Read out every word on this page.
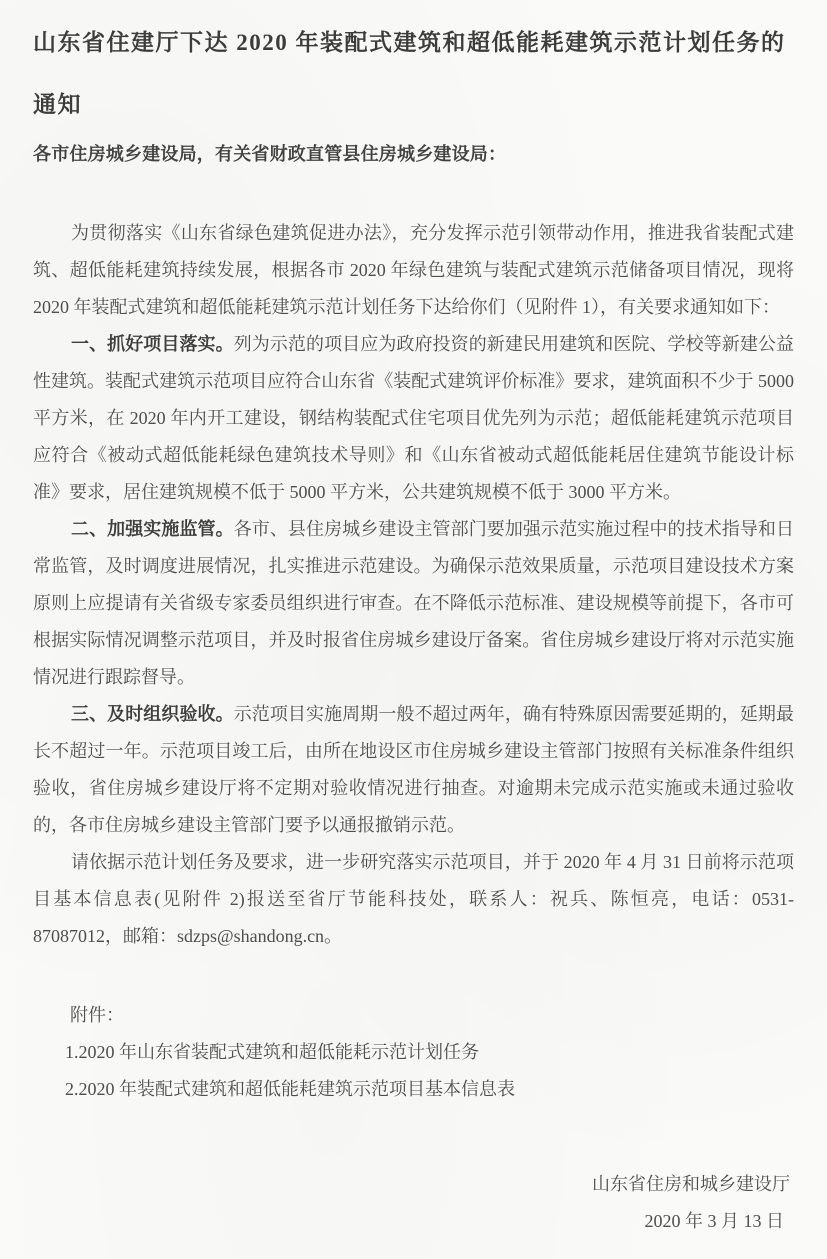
山东省住建厅下达 2020 年装配式建筑和超低能耗建筑示范计划任务的通知

各市住房城乡建设局，有关省财政直管县住房城乡建设局：

为贯彻落实《山东省绿色建筑促进办法》，充分发挥示范引领带动作用，推进我省装配式建筑、超低能耗建筑持续发展，根据各市 2020 年绿色建筑与装配式建筑示范储备项目情况，现将 2020 年装配式建筑和超低能耗建筑示范计划任务下达给你们（见附件 1），有关要求通知如下：

一、抓好项目落实。列为示范的项目应为政府投资的新建民用建筑和医院、学校等新建公益性建筑。装配式建筑示范项目应符合山东省《装配式建筑评价标准》要求，建筑面积不少于 5000 平方米，在 2020 年内开工建设，钢结构装配式住宅项目优先列为示范；超低能耗建筑示范项目应符合《被动式超低能耗绿色建筑技术导则》和《山东省被动式超低能耗居住建筑节能设计标准》要求，居住建筑规模不低于 5000 平方米，公共建筑规模不低于 3000 平方米。

二、加强实施监管。各市、县住房城乡建设主管部门要加强示范实施过程中的技术指导和日常监管，及时调度进展情况，扎实推进示范建设。为确保示范效果质量，示范项目建设技术方案原则上应提请有关省级专家委员组织进行审查。在不降低示范标准、建设规模等前提下，各市可根据实际情况调整示范项目，并及时报省住房城乡建设厅备案。省住房城乡建设厅将对示范实施情况进行跟踪督导。

三、及时组织验收。示范项目实施周期一般不超过两年，确有特殊原因需要延期的，延期最长不超过一年。示范项目竣工后，由所在地设区市住房城乡建设主管部门按照有关标准条件组织验收，省住房城乡建设厅将不定期对验收情况进行抽查。对逾期未完成示范实施或未通过验收的，各市住房城乡建设主管部门要予以通报撤销示范。

请依据示范计划任务及要求，进一步研究落实示范项目，并于 2020 年 4 月 31 日前将示范项目基本信息表(见附件 2)报送至省厅节能科技处，联系人：祝兵、陈恒亮，电话：0531-87087012，邮箱：sdzps@shandong.cn。

附件：

1.2020 年山东省装配式建筑和超低能耗示范计划任务

2.2020 年装配式建筑和超低能耗建筑示范项目基本信息表

山东省住房和城乡建设厅

2020 年 3 月 13 日
